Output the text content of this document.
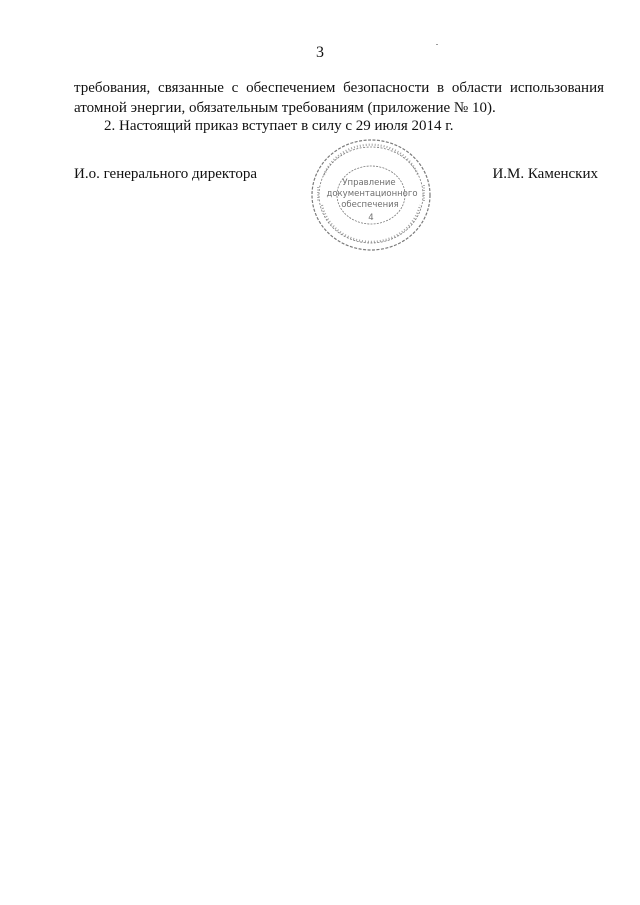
3
требования, связанные с обеспечением безопасности в области использования
атомной энергии, обязательным требованиям (приложение № 10).
2. Настоящий приказ вступает в силу с 29 июля 2014 г.
И.о. генерального директора	И.М. Каменских
Управление
документационного
обеспечения
4
